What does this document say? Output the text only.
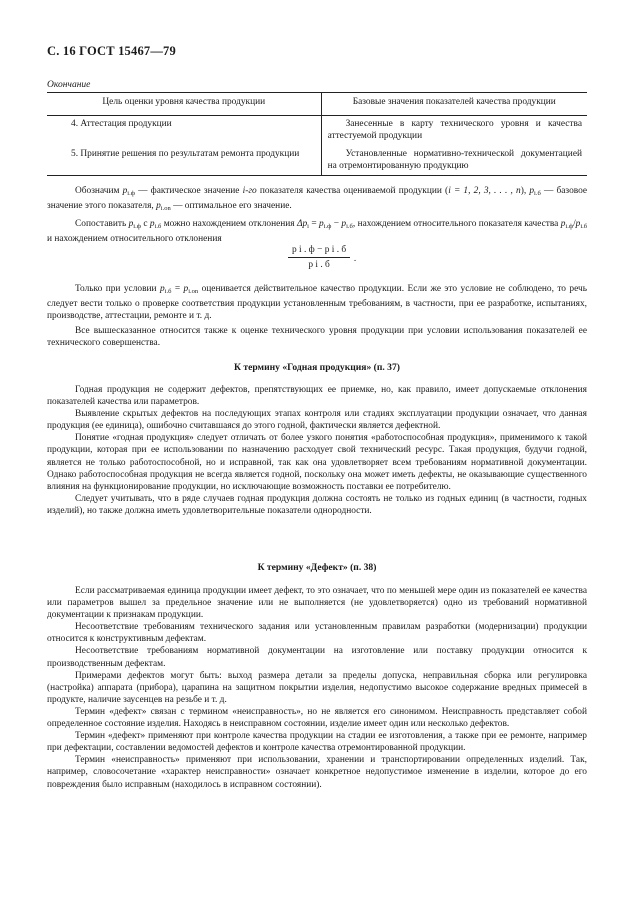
С. 16 ГОСТ 15467—79
Окончание
Цель оценки уровня качества продукции	Базовые значения показателей качества продукции
4. Аттестация продукции	Занесенные в карту технического уровня и качества аттестуемой продукции
5. Принятие решения по результатам ремонта продукции	Установленные нормативно-технической документацией на отремонтированную продукцию

Обозначим $p_{i.ф}$ — фактическое значение i-го показателя качества оцениваемой продукции (i = 1, 2, 3, . . . , n), $p_{i.б}$ — базовое значение этого показателя, $p_{i.on}$ — оптимальное его значение.

Сопоставить $p_{i.ф}$ с $p_{i.б}$ можно нахождением отклонения $\Delta p_i = p_{i.ф} - p_{i.б}$, нахождением относительного показателя качества $p_{i.ф}/p_{i.б}$ и нахождением относительного отклонения

p i . ф − p i . б
p i . б
.

Только при условии $p_{i.б} = p_{i.on}$ оценивается действительное качество продукции. Если же это условие не соблюдено, то речь следует вести только о проверке соответствия продукции установленным требованиям, в частности, при ее разработке, испытаниях, производстве, аттестации, ремонте и т. д.

Все вышесказанное относится также к оценке технического уровня продукции при условии использования показателей ее технического совершенства.

К термину «Годная продукция» (п. 37)

Годная продукция не содержит дефектов, препятствующих ее приемке, но, как правило, имеет допускаемые отклонения показателей качества или параметров.

Выявление скрытых дефектов на последующих этапах контроля или стадиях эксплуатации продукции означает, что данная продукция (ее единица), ошибочно считавшаяся до этого годной, фактически является дефектной.

Понятие «годная продукция» следует отличать от более узкого понятия «работоспособная продукция», применимого к такой продукции, которая при ее использовании по назначению расходует свой технический ресурс. Такая продукция, будучи годной, является не только работоспособной, но и исправной, так как она удовлетворяет всем требованиям нормативной документации. Однако работоспособная продукция не всегда является годной, поскольку она может иметь дефекты, не оказывающие существенного влияния на функционирование продукции, но исключающие возможность поставки ее потребителю.

Следует учитывать, что в ряде случаев годная продукция должна состоять не только из годных единиц (в частности, годных изделий), но также должна иметь удовлетворительные показатели однородности.

К термину «Дефект» (п. 38)

Если рассматриваемая единица продукции имеет дефект, то это означает, что по меньшей мере один из показателей ее качества или параметров вышел за предельное значение или не выполняется (не удовлетворяется) одно из требований нормативной документации к признакам продукции.

Несоответствие требованиям технического задания или установленным правилам разработки (модернизации) продукции относится к конструктивным дефектам.

Несоответствие требованиям нормативной документации на изготовление или поставку продукции относится к производственным дефектам.

Примерами дефектов могут быть: выход размера детали за пределы допуска, неправильная сборка или регулировка (настройка) аппарата (прибора), царапина на защитном покрытии изделия, недопустимо высокое содержание вредных примесей в продукте, наличие заусенцев на резьбе и т. д.

Термин «дефект» связан с термином «неисправность», но не является его синонимом. Неисправность представляет собой определенное состояние изделия. Находясь в неисправном состоянии, изделие имеет один или несколько дефектов.

Термин «дефект» применяют при контроле качества продукции на стадии ее изготовления, а также при ее ремонте, например при дефектации, составлении ведомостей дефектов и контроле качества отремонтированной продукции.

Термин «неисправность» применяют при использовании, хранении и транспортировании определенных изделий. Так, например, словосочетание «характер неисправности» означает конкретное недопустимое изменение в изделии, которое до его повреждения было исправным (находилось в исправном состоянии).
